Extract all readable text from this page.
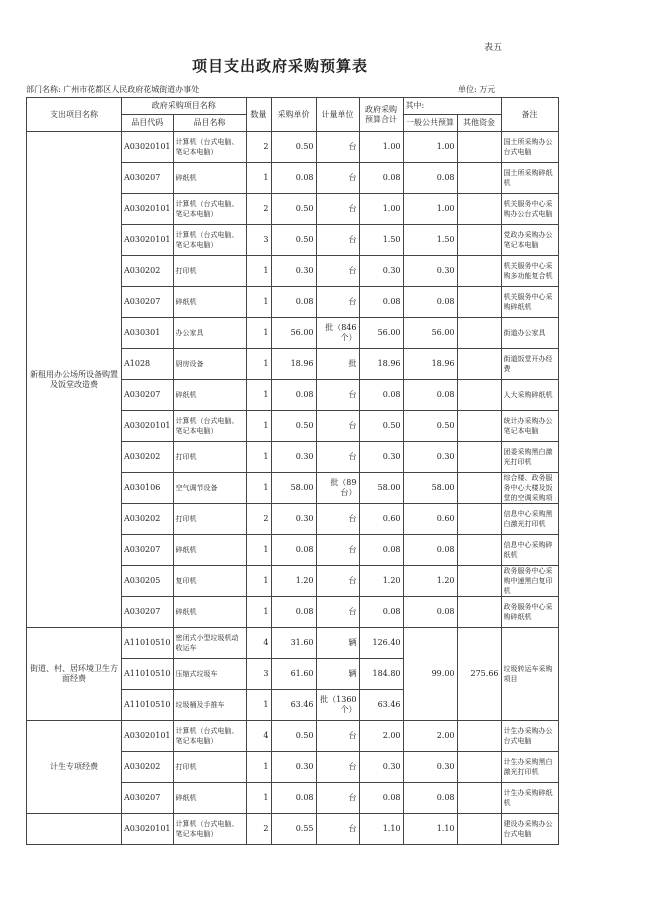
表五
项目支出政府采购预算表
部门名称: 广州市花都区人民政府花城街道办事处	单位: 万元
支出项目名称	政府采购项目名称		数量	采购单价	计量单位	政府采购预算合计	其中:		备注
	品目代码	品目名称					一般公共预算	其他资金	
新租用办公场所设备购置及饭堂改造费	A03020101	计算机（台式电脑、笔记本电脑）	2	0.50	台	1.00	1.00		国土所采购办公台式电脑
	A030207	碎纸机	1	0.08	台	0.08	0.08		国土所采购碎纸机
	A03020101	计算机（台式电脑、笔记本电脑）	2	0.50	台	1.00	1.00		机关服务中心采购办公台式电脑
	A03020101	计算机（台式电脑、笔记本电脑）	3	0.50	台	1.50	1.50		党政办采购办公笔记本电脑
	A030202	打印机	1	0.30	台	0.30	0.30		机关服务中心采购多功能复合机
	A030207	碎纸机	1	0.08	台	0.08	0.08		机关服务中心采购碎纸机
	A030301	办公家具	1	56.00	批（846个）	56.00	56.00		街道办公家具
	A1028	厨房设备	1	18.96	批	18.96	18.96		街道饭堂开办经费
	A030207	碎纸机	1	0.08	台	0.08	0.08		人大采购碎纸机
	A03020101	计算机（台式电脑、笔记本电脑）	1	0.50	台	0.50	0.50		统计办采购办公笔记本电脑
	A030202	打印机	1	0.30	台	0.30	0.30		团委采购黑白激光打印机
	A030106	空气调节设备	1	58.00	批（89台）	58.00	58.00		综合楼、政务服务中心大楼及饭堂的空调采购项
	A030202	打印机	2	0.30	台	0.60	0.60		信息中心采购黑白激光打印机
	A030207	碎纸机	1	0.08	台	0.08	0.08		信息中心采购碎纸机
	A030205	复印机	1	1.20	台	1.20	1.20		政务服务中心采购中速黑白复印机
	A030207	碎纸机	1	0.08	台	0.08	0.08		政务服务中心采购碎纸机
街道、村、居环境卫生方面经费	A11010510	密闭式小型垃圾机动收运车	4	31.60	辆	126.40	99.00	275.66	垃圾转运车采购项目
	A11010510	压缩式垃圾车	3	61.60	辆	184.80			
	A11010510	垃圾桶及手推车	1	63.46	批（1360个）	63.46			
计生专项经费	A03020101	计算机（台式电脑、笔记本电脑）	4	0.50	台	2.00	2.00		计生办采购办公台式电脑
	A030202	打印机	1	0.30	台	0.30	0.30		计生办采购黑白激光打印机
	A030207	碎纸机	1	0.08	台	0.08	0.08		计生办采购碎纸机
	A03020101	计算机（台式电脑、笔记本电脑）	2	0.55	台	1.10	1.10		建设办采购办公台式电脑
